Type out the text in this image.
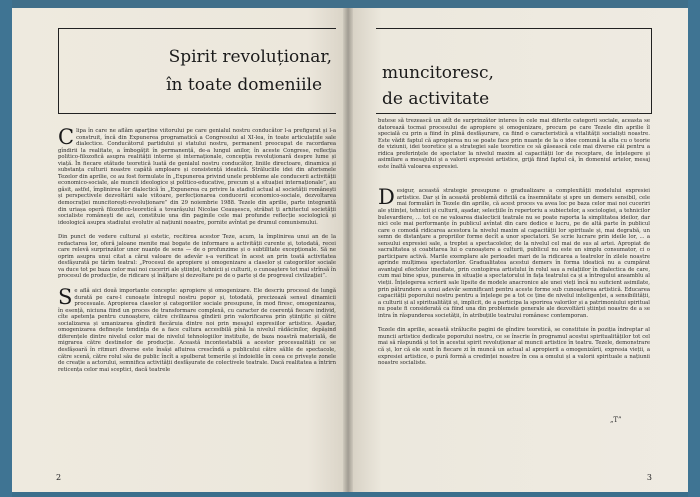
Spirit revoluționar,
în toate domeniile

Clipa în care ne aflăm aparține viitorului pe care genialul nostru conducător l-a prefigurat și l-a construit, încă din Expunerea programatică a Congresului al XI-lea, în toate articulațiile sale dialectice. Conducătorul partidului și statului nostru, permanent preocupat de racordarea gîndirii la realitate, a îmbogățit în permanență, de-a lungul anilor, în aceste Congrese, reflecția politico-filozofică asupra realității interne și internaționale, concepția revoluționară despre lume și viață. În fiecare etătude teoretică luată de genialul nostru conducător, liniile directoare, dinamica și substanța culturii noastre capătă amploare și consistență ideatică. Străluciile idei din aforismele Tezelor din aprilie, ce au fost formulate în „Expunerea privind unele probleme ale conducerii activității economico-sociale, ale muncii ideologice și politico-educative, precum și a situației internaționale”, au găsit, astfel, împlinirea lor dialectică în „Expunerea cu privire la stadiul actual al societății românești și perspectivele dezvoltării sale viitoare, perfecționarea conducerii economico-sociale, dezvoltarea democrației muncitorești-revoluționare” din 29 noiembrie 1988. Tezele din aprilie, parte integrantă din uriașa operă filozofico-teoretică a tovarășului Nicolae Ceaușescu, străbat ți arhitectul societății socialiste românești de azi, constituie una din paginile cele mai profunde reflecție sociologică și ideologică asupra stadiului evolutiv al națiunii noastre, pornite avîntat pe drumul comunismului.

Din punct de vedere cultural și estetic, recitirea acestor Teze, acum, la împlinirea unui an de la redactarea lor, oferă jaloane menite mai bogate de informare a activității curente și, totodată, recei care relevă surprinzător unor nuanțe de sens — de o profunzime și o subtilitate excepționale. Să ne oprim asupra unui citat a cărui valoare de adevăr s-a verificat în acest an prin toată activitatea desfășurată pe tărîm teatral: „Procesul de apropiere și omogenizare a claselor și categoriilor sociale va duce tot pe baza celor mai noi cuceriri ale științei, tehnicii și culturii, o cunoaștere tot mai strînsă în procesul de producție, de ridicare și înălțare și dezvoltare pe de o parte și de progresul civilizației”.

Se află aici două importante concepte: apropiere și omogenizare. Ele descriu procesul de lungă durată pe care-l cunoaște întregul nostru popor și, totodată, precizează sensul dinamicii procesuale. Apropierea claselor și categoriilor sociale presupune, în mod firesc, omogenizarea, în esență, niciuna fiind un proces de transformare complexă, cu caracter de coerență fiecare individ, cîte apetența pentru cunoaștere, către civilizarea gîndirii prin valorificarea prin științific și către socializarea și umanizarea gîndirii fiecăruia dintre noi prin mesajul expresiilor artistice. Așadar, omogenizarea definește tendința de a face cultura accesibilă pînă la nivelul rădăcinilor, depășind diferențele dintre nivelul celor mai de nivelul tehnologiilor instituite, de baza noastră materială, de migrarea către destinelor de producție. Această incontestabilă a acestor procesualități ce se desfășoară în ritmuri diverse este însăși afluirea crescîndă a publicului către sălile de spectacole, către scenă, către rolul său de public încît a spulberat temerile și îndoielile în ceea ce privește zonele de creație a actorului, semnifica activității desfășurate de colectivele teatrale. Dacă realitatea a întrirn reticența celor mai sceptici, dacă teatrele

2
muncitoresc,
de activitate

butese să trezească un atît de surprinzător interes în cele mai diferite categorii sociale, aceasta se datorează tocmai procesului de apropiere și omogenizare, precum pe care Tezele din aprilie îl specială cu prin a fiind în plină desfășurare, ca fiind o caracteristică a vitalității socialiști noastre. Este vădit faptul că apropierea nu se poate face prin nuanțe de la o idee comună la alta cu o teorie de viziunii, idei teoretice și a strategiei sale teoretice ce să găsească cele mai diverse căi pentru a ridica preferințele de spectator la nivelul maxim al capacității lor de receptare, de înțelegere și asimilare a mesajului și a valorii expresiei artistice, grijă fiind faptul că, în domeniul artelor, mesaj este înaltă valoarea expresiei.

Desigur, această strategie presupune o gradualizare a complexității modelului expresiei artistice. Dar și în această problemă dificilă ca însemnătate și spre un demers sensibil, cele mai formulări în Tezele din aprilie, că acest proces va avea loc pe baza celor mai noi cuceriri ale științei, tehnicii și culturii, așadar, selecțiile în repertoriu a subiectelor, a sociologiei, a tehnicilor bulevardiere, ... tot ce ne valoarea dialecticii teatrale nu se poate raporta la simplitatea ideilor, dar nici cele mai performanțe în publicul avîntat din care dedice e lucru, pe de altă parte în publicul care o comodă ridicarea acestora la nivelul maxim al capacității lor spirituale și, mai degrabă, un semn de distanțare a propriilor forme decît a unor spectatori. Se scrie lucrare prin ideile lor, ... a sensului expresiei sale, a treptei a spectacolelor, de la nivelul cel mai de sus al artei. Apropiat de sacralitatea și coabitarea lui o cunoaștere a culturii, publicul nu este un simplu consumator, ci o participare activă. Marile exemplare ale perioadei mari de la ridicarea a teatrelor în zilele noastre aprinde mulțimea spectatorilor. Gradualitatea acestui demers în forma ideatică nu a cumpărat avantajul efectelor imediate, prin contopirea artistului în rolul sau a relațiilor în dialectica de care, cum mai bine spus, punerea în situație a spectatorului în fața teatrului ca și a întregului ansamblu al vieții. Înțelegerea scrierii sale lipsite de modele anacronice ale unei vieți încă nu suficient asimilate, prin pătrundere a unui adevăr semnificant pentru aceste forme sub cunoașterea artistică. Educarea capacității poporului nostru pentru a înțelege pe a tot ce ține de nivelul inteligenței, a sensibilității, a culturii și al spiritualității și, implicit, de a participa la sporirea valorilor și a patrimoniului spiritual nu poate fi considerată ca fiind una din problemele generale ale dezvoltării științei noastre de a se intra în răspunderea societății, în atribuțiile teatrului românesc contemporan.

Tezele din aprilie, această strălucite pagini de gîndire teoretică, se constituie în poziția îndreptar al muncii artistice dedicate poporului nostru, ce se înscrie în programul acestui spiritualităților tot cel mai să răspundă și tot în acestui spirit revoluționar al muncii artistice în teatru. Tezele, demonstrare că și, lor că ele sunt în fiecare zi în muncă un actual al apropierii a omogenizării, expresia vieții, a expresiei artistice, o pură formă a credinței noastre în cea a omului și a valorii spirituale a națiunii noastre socialiste.

„T”
3
